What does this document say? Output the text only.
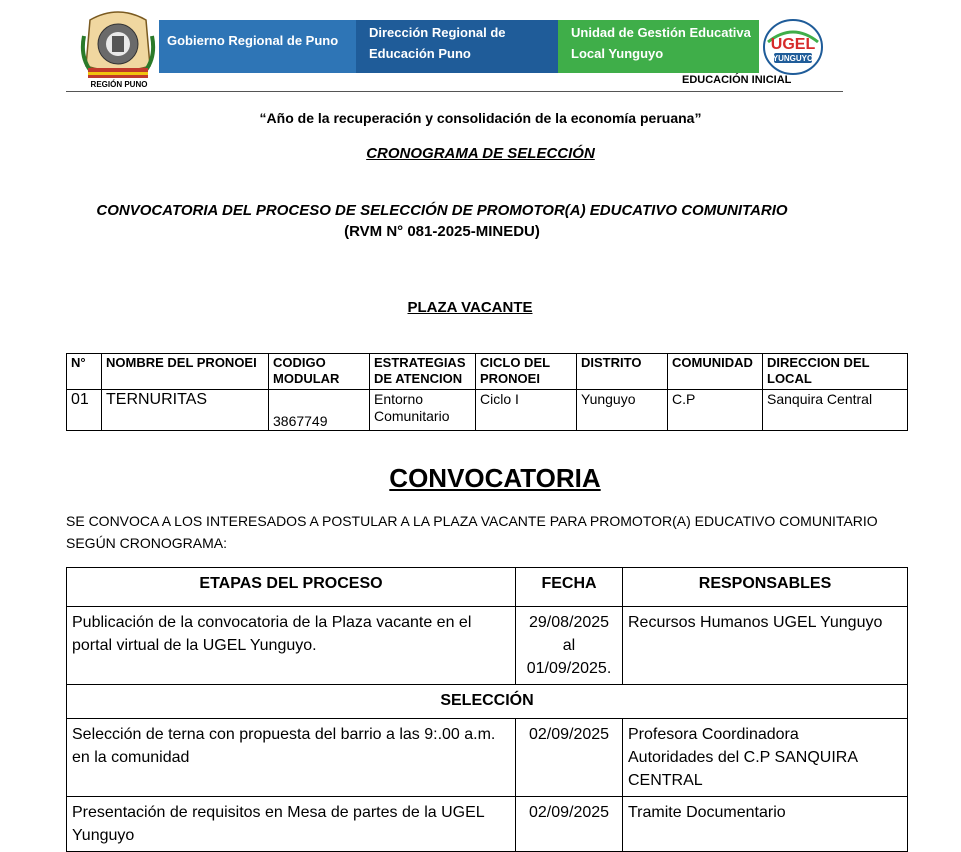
REGIÓN PUNO
Gobierno Regional de Puno
Dirección Regional de Educación Puno
Unidad de Gestión Educativa Local Yunguyo
UGEL
YUNGUYO
EDUCACIÓN INICIAL
“Año de la recuperación y consolidación de la economía peruana”
CRONOGRAMA DE SELECCIÓN
CONVOCATORIA DEL PROCESO DE SELECCIÓN DE PROMOTOR(A) EDUCATIVO COMUNITARIO
(RVM N° 081-2025-MINEDU)
PLAZA VACANTE
N°	NOMBRE DEL PRONOEI	CODIGO MODULAR	ESTRATEGIAS DE ATENCION	CICLO DEL PRONOEI	DISTRITO	COMUNIDAD	DIRECCION DEL LOCAL
01	TERNURITAS	3867749	Entorno Comunitario	Ciclo I	Yunguyo	C.P	Sanquira Central
CONVOCATORIA
SE CONVOCA A LOS INTERESADOS A POSTULAR A LA PLAZA VACANTE PARA PROMOTOR(A) EDUCATIVO COMUNITARIO SEGÚN CRONOGRAMA:
ETAPAS DEL PROCESO	FECHA	RESPONSABLES
Publicación de la convocatoria de la Plaza vacante en el portal virtual de la UGEL Yunguyo.	29/08/2025 al 01/09/2025.	Recursos Humanos UGEL Yunguyo
SELECCIÓN		
Selección de terna con propuesta del barrio a las 9:.00 a.m. en la comunidad	02/09/2025	Profesora Coordinadora
Autoridades del C.P SANQUIRA CENTRAL

Presentación de requisitos en Mesa de partes de la UGEL Yunguyo	02/09/2025	Tramite Documentario
